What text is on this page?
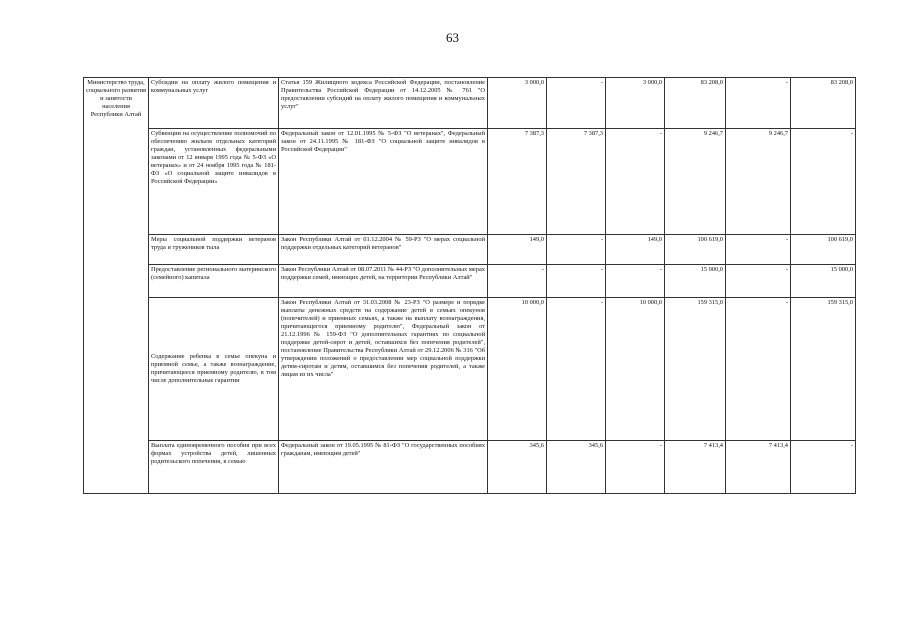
63
Министерство труда, социального развития и занятости населения Республики Алтай	Субсидии на оплату жилого помещения и коммунальных услуг	Статья 159 Жилищного кодекса Российской Федерации, постановление Правительства Российской Федерации от 14.12.2005 № 761 "О предоставлении субсидий на оплату жилого помещения и коммунальных услуг"	3 000,0	-	3 000,0	83 208,0	-	83 208,0
	Субвенции на осуществление полномочий по обеспечению жильем отдельных категорий граждан, установленных федеральными законами от 12 января 1995 года № 5-ФЗ «О ветеранах» и от 24 ноября 1995 года № 181-ФЗ «О социальной защите инвалидов в Российской Федерации»	Федеральный закон от 12.01.1995 № 5-ФЗ "О ветеранах", Федеральный закон от 24.11.1995 № 181-ФЗ "О социальной защите инвалидов в Российской Федерации"	7 387,3	7 387,3	-	9 246,7	9 246,7	-
	Меры социальной поддержки ветеранов труда и тружеников тыла	Закон Республики Алтай от 01.12.2004 № 59-РЗ "О мерах социальной поддержки отдельных категорий ветеранов"	149,0	-	149,0	100 619,0	-	100 619,0
	Предоставление регионального материнского (семейного) капитала	Закон Республики Алтай от 08.07.2011 № 44-РЗ "О дополнительных мерах поддержки семей, имеющих детей, на территории Республики Алтай"	-	-	-	15 000,0	-	15 000,0
	Содержание ребенка в семье опекуна и приемной семье, а также вознаграждение, причитающееся приемному родителю, в том числе дополнительные гарантии	Закон Республики Алтай от 31.03.2008 № 23-РЗ "О размере и порядке выплаты денежных средств на содержание детей в семьях опекунов (попечителей) и приемных семьях, а также на выплату вознаграждения, причитающегося приемному родителю", Федеральный закон от 21.12.1996 № 159-ФЗ "О дополнительных гарантиях по социальной поддержке детей-сирот и детей, оставшихся без попечения родителей", постановление Правительства Республики Алтай от 29.12.2006 № 316 "Об утверждении положений о предоставлении мер социальной поддержки детям-сиротам и детям, оставшимся без попечения родителей, а также лицам из их числа"	10 000,0	-	10 000,0	159 315,0	-	159 315,0
	Выплата единовременного пособия при всех формах устройства детей, лишенных родительского попечения, в семью	Федеральный закон от 19.05.1995 № 81-ФЗ "О государственных пособиях гражданам, имеющим детей"	345,6	345,6	-	7 413,4	7 413,4	-
